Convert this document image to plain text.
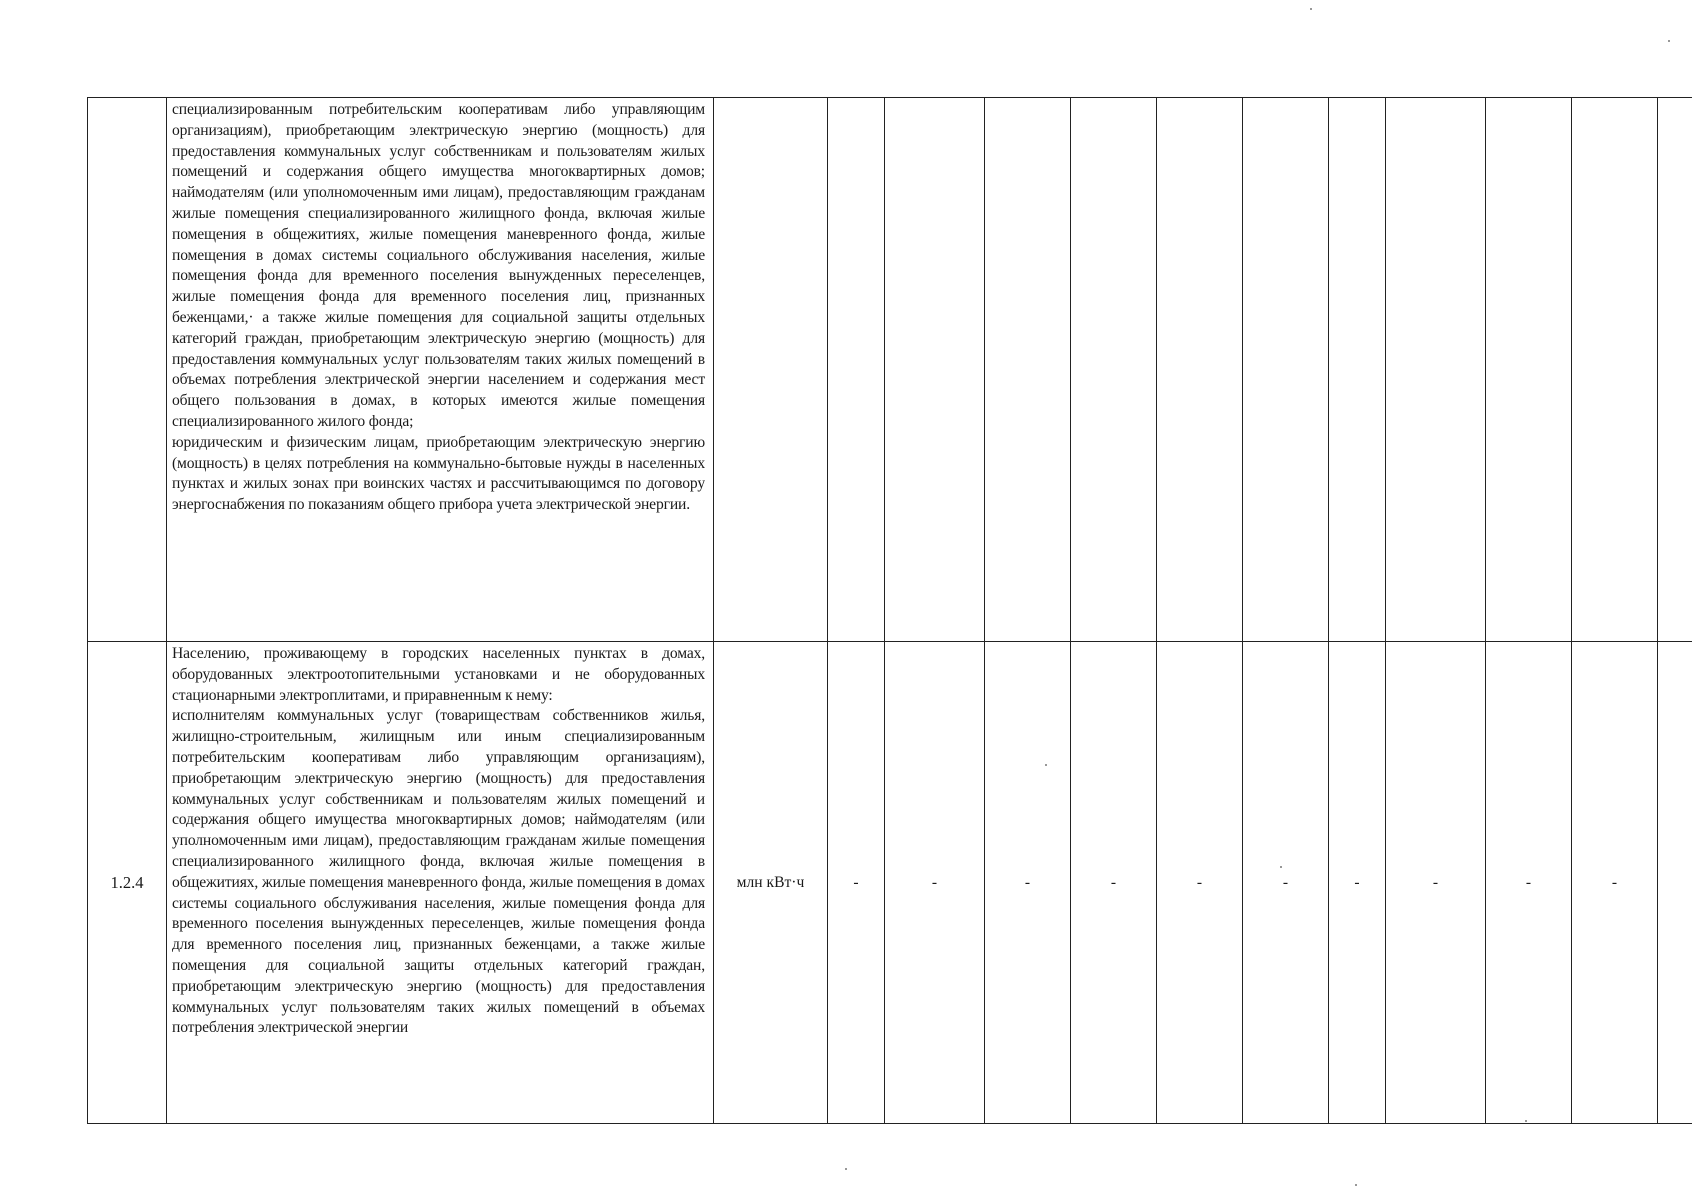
	специализированным потребительским кооперативам либо управляющим организациям), приобретающим электрическую энергию (мощность) для предоставления коммунальных услуг собственникам и пользователям жилых помещений и содержания общего имущества многоквартирных домов; наймодателям (или уполномоченным ими лицам), предоставляющим гражданам жилые помещения специализированного жилищного фонда, включая жилые помещения в общежитиях, жилые помещения маневренного фонда, жилые помещения в домах системы социального обслуживания населения, жилые помещения фонда для временного поселения вынужденных переселенцев, жилые помещения фонда для временного поселения лиц, признанных беженцами,· а также жилые помещения для социальной защиты отдельных категорий граждан, приобретающим электрическую энергию (мощность) для предоставления коммунальных услуг пользователям таких жилых помещений в объемах потребления электрической энергии населением и содержания мест общего пользования в домах, в которых имеются жилые помещения специализированного жилого фонда;
юридическим и физическим лицам, приобретающим электрическую энергию (мощность) в целях потребления на коммунально-бытовые нужды в населенных пунктах и жилых зонах при воинских частях и рассчитывающимся по договору энергоснабжения по показаниям общего прибора учета электрической энергии.												

1.2.4	Населению, проживающему в городских населенных пунктах в домах, оборудованных электроотопительными установками и не оборудованных стационарными электроплитами, и приравненным к нему:
исполнителям коммунальных услуг (товариществам собственников жилья, жилищно-строительным, жилищным или иным специализированным потребительским кооперативам либо управляющим организациям), приобретающим электрическую энергию (мощность) для предоставления коммунальных услуг собственникам и пользователям жилых помещений и содержания общего имущества многоквартирных домов; наймодателям (или уполномоченным ими лицам), предоставляющим гражданам жилые помещения специализированного жилищного фонда, включая жилые помещения в общежитиях, жилые помещения маневренного фонда, жилые помещения в домах системы социального обслуживания населения, жилые помещения фонда для временного поселения вынужденных переселенцев, жилые помещения фонда для временного поселения лиц, признанных беженцами, а также жилые помещения для социальной защиты отдельных категорий граждан, приобретающим электрическую энергию (мощность) для предоставления коммунальных услуг пользователям таких жилых помещений в объемах потребления электрической энергии	млн кВт·ч	-	-	-	-	-	-	-	-	-	-	
